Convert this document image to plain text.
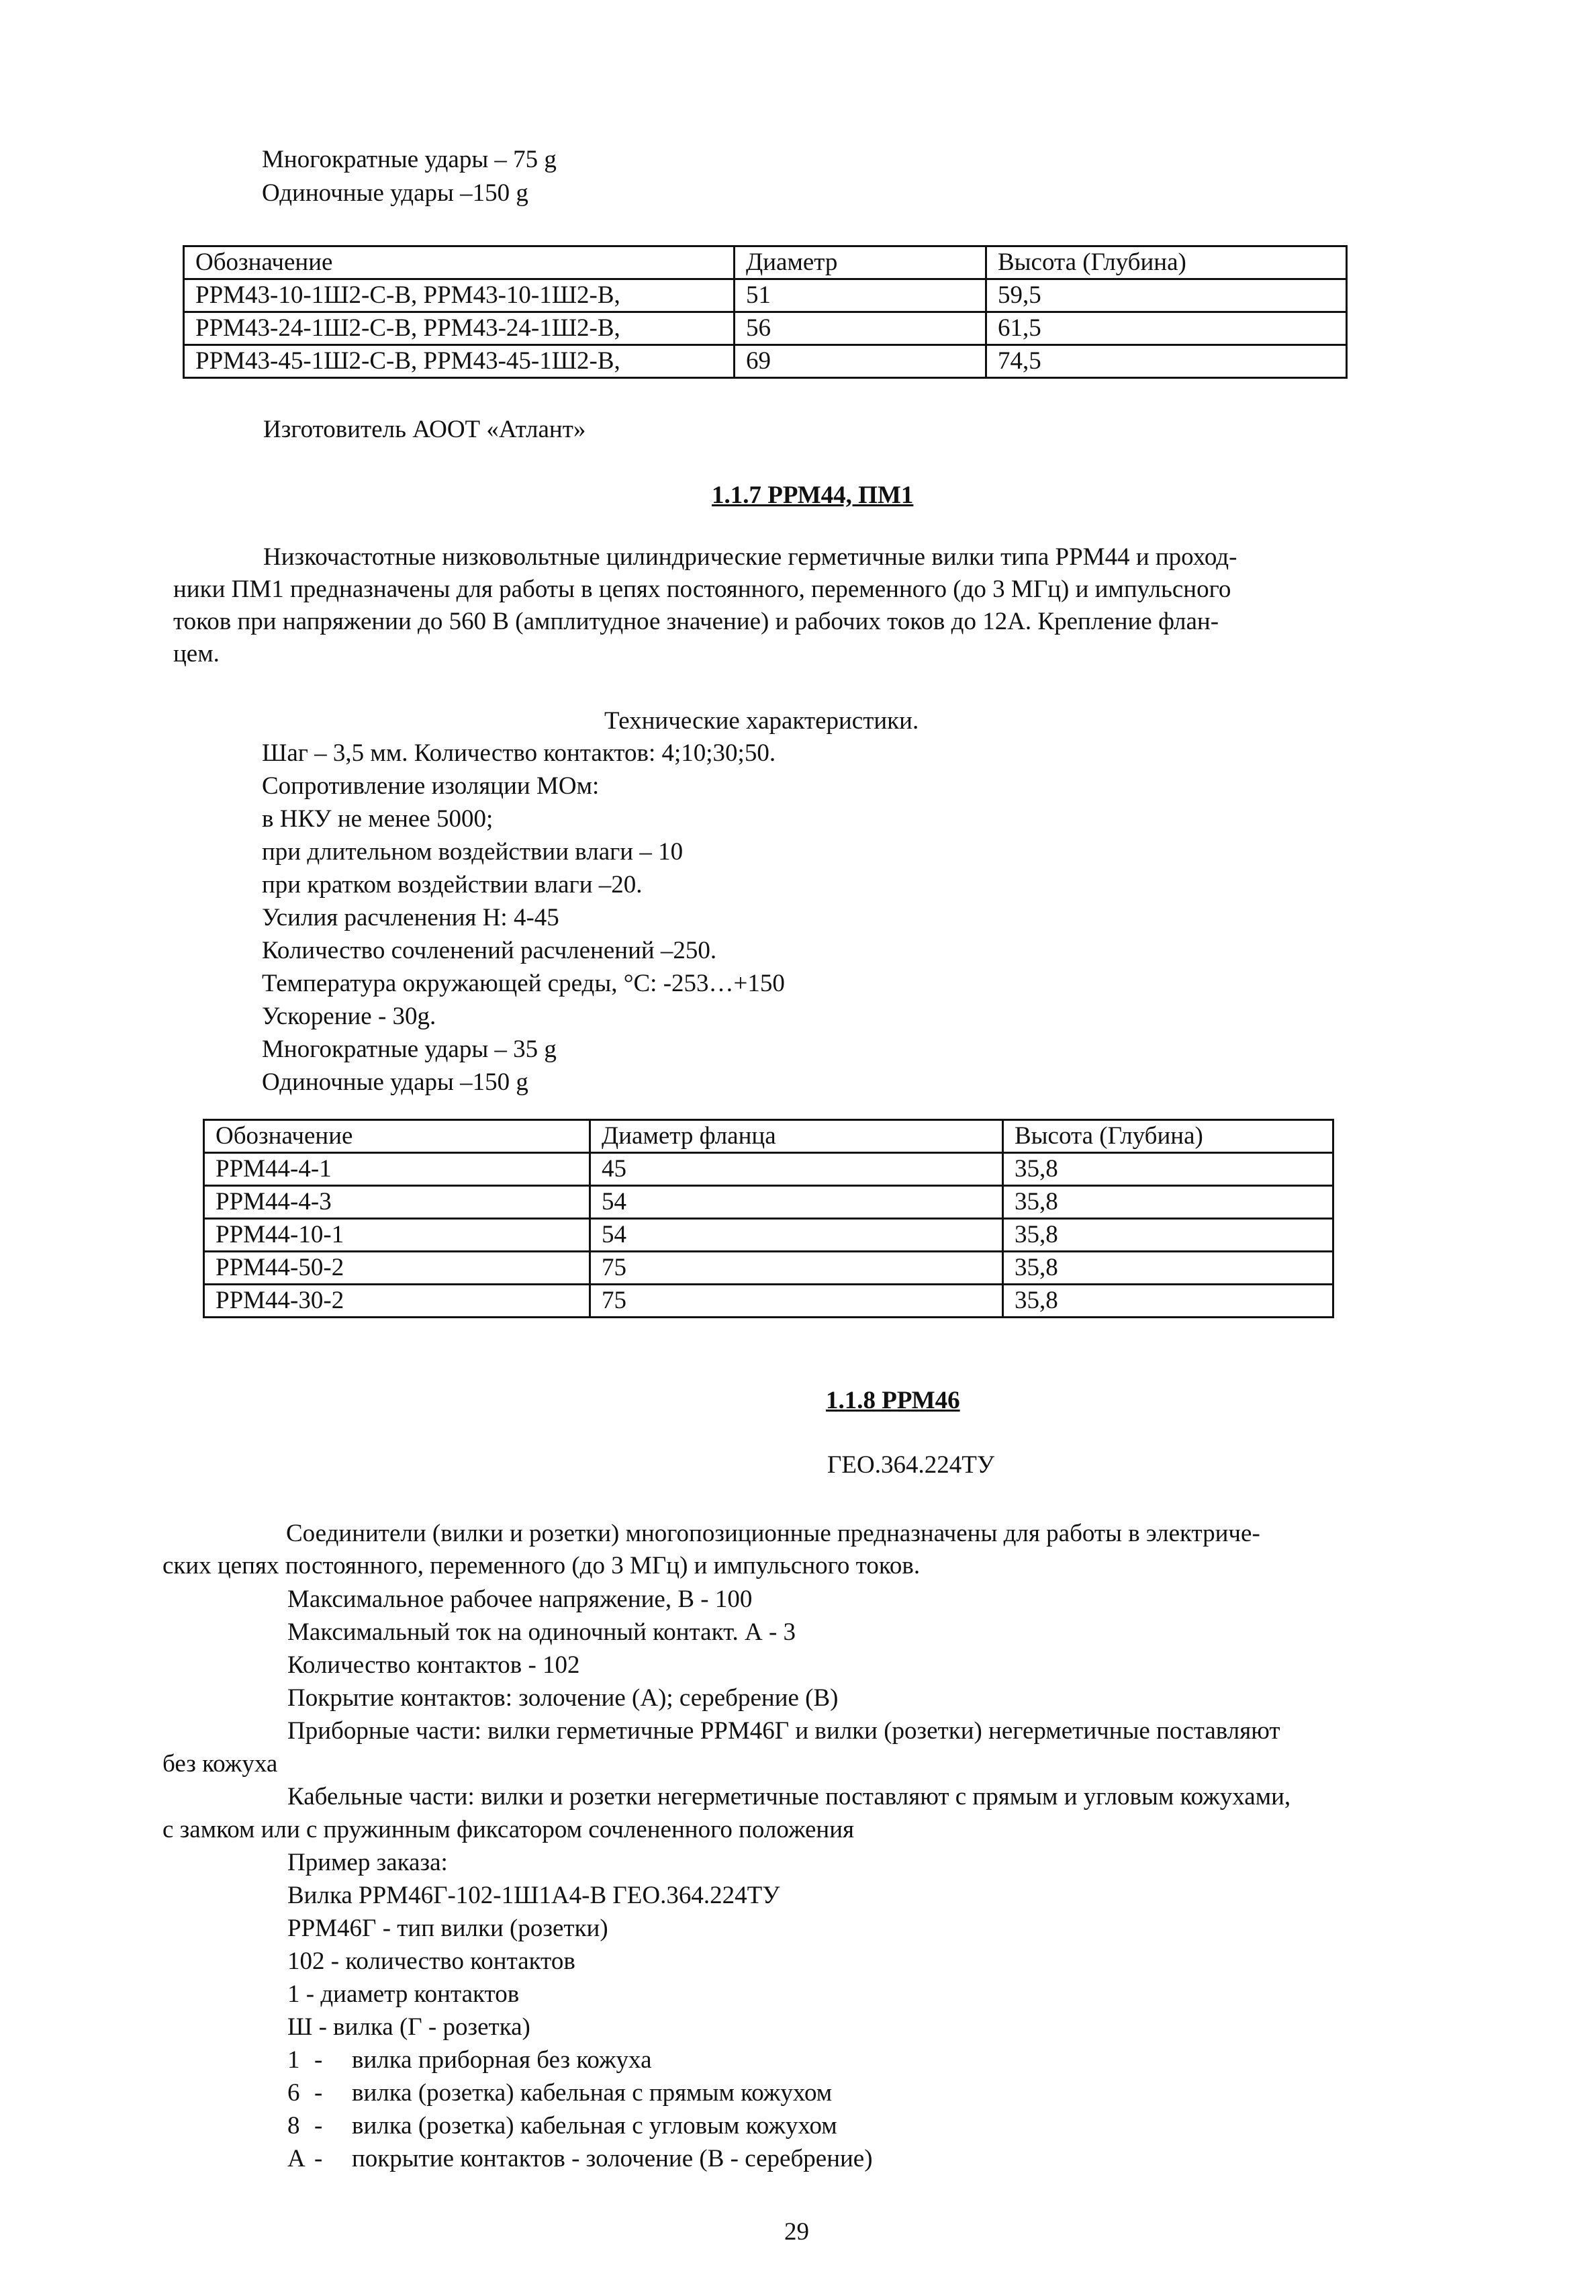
Многократные удары – 75 g
Одиночные удары –150 g
Обозначение	Диаметр	Высота (Глубина)
РРМ43-10-1Ш2-С-В, РРМ43-10-1Ш2-В,	51	59,5
РРМ43-24-1Ш2-С-В, РРМ43-24-1Ш2-В,	56	61,5
РРМ43-45-1Ш2-С-В, РРМ43-45-1Ш2-В,	69	74,5
Изготовитель АООТ «Атлант»
1.1.7 РРМ44, ПМ1
Низкочастотные низковольтные цилиндрические герметичные вилки типа РРМ44 и проход-
ники ПМ1 предназначены для работы в цепях постоянного, переменного (до 3 МГц) и импульсного
токов при напряжении до 560 В (амплитудное значение) и рабочих токов до 12А. Крепление флан-
цем.
Технические характеристики.
Шаг – 3,5 мм. Количество контактов: 4;10;30;50.
Сопротивление изоляции МОм:
в НКУ не менее 5000;
при длительном воздействии влаги – 10
при кратком воздействии влаги –20.
Усилия расчленения Н: 4-45
Количество сочленений расчленений –250.
Температура окружающей среды, °С: -253…+150
Ускорение - 30g.
Многократные удары – 35 g
Одиночные удары –150 g
Обозначение	Диаметр фланца	Высота (Глубина)
РРМ44-4-1	45	35,8
РРМ44-4-3	54	35,8
РРМ44-10-1	54	35,8
РРМ44-50-2	75	35,8
РРМ44-30-2	75	35,8
1.1.8 РРМ46
ГЕО.364.224ТУ
Соединители (вилки и розетки) многопозиционные предназначены для работы в электриче-
ских цепях постоянного, переменного (до 3 МГц) и импульсного токов.
Максимальное рабочее напряжение, В - 100
Максимальный ток на одиночный контакт. А - 3
Количество контактов - 102
Покрытие контактов: золочение (А); серебрение (В)
Приборные части: вилки герметичные РРМ46Г и вилки (розетки) негерметичные поставляют
без кожуха
Кабельные части: вилки и розетки негерметичные поставляют с прямым и угловым кожухами,
с замком или с пружинным фиксатором сочлененного положения
Пример заказа:
Вилка РРМ46Г-102-1Ш1А4-В ГЕО.364.224ТУ
РРМ46Г - тип вилки (розетки)
102 - количество контактов
1 - диаметр контактов
Ш - вилка (Г - розетка)
1 - вилка приборная без кожуха
6 - вилка (розетка) кабельная с прямым кожухом
8 - вилка (розетка) кабельная с угловым кожухом
А - покрытие контактов - золочение (В - серебрение)
29
